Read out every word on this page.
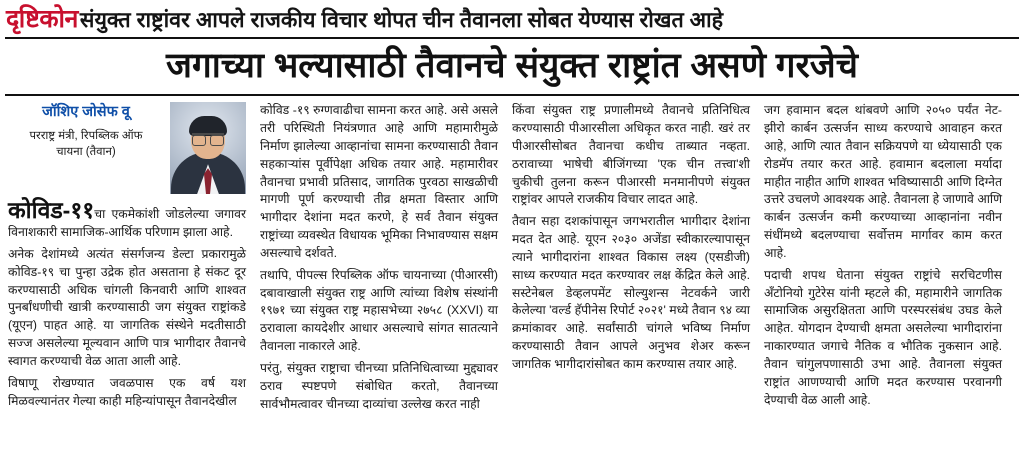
दृष्टिकोन संयुक्त राष्ट्रांवर आपले राजकीय विचार थोपत चीन तैवानला सोबत येण्यास रोखत आहे
जगाच्या भल्यासाठी तैवानचे संयुक्त राष्ट्रांत असणे गरजेचे
जॉशिए जोसेफ वू
परराष्ट्र मंत्री, रिपब्लिक ऑफ
चायना (तैवान)
कोविड-११चा एकमेकांशी जोडलेल्या जगावर विनाशकारी सामाजिक-आर्थिक परिणाम झाला आहे.

अनेक देशांमध्ये अत्यंत संसर्गजन्य डेल्टा प्रकारामुळे कोविड-१९ चा पुन्हा उद्रेक होत असताना हे संकट दूर करण्यासाठी अधिक चांगली किनवारी आणि शाश्वत पुनर्बांधणीची खात्री करण्यासाठी जग संयुक्त राष्ट्रांकडे (यूएन) पाहत आहे. या जागतिक संस्थेने मदतीसाठी सज्ज असलेल्या मूल्यवान आणि पात्र भागीदार तैवानचे स्वागत करण्याची वेळ आता आली आहे.

विषाणू रोखण्यात जवळपास एक वर्ष यश मिळवल्यानंतर गेल्या काही महिन्यांपासून तैवानदेखील

कोविड -१९ रुग्णवाढीचा सामना करत आहे. असे असले तरी परिस्थिती नियंत्रणात आहे आणि महामारीमुळे निर्माण झालेल्या आव्हानांचा सामना करण्यासाठी तैवान सहकाऱ्यांस पूर्वीपेक्षा अधिक तयार आहे. महामारीवर तैवानचा प्रभावी प्रतिसाद, जागतिक पुरवठा साखळीची मागणी पूर्ण करण्याची तीव्र क्षमता विस्तार आणि भागीदार देशांना मदत करणे, हे सर्व तैवान संयुक्त राष्ट्रांच्या व्यवस्थेत विधायक भूमिका निभावण्यास सक्षम असल्याचे दर्शवते.

तथापि, पीपल्स रिपब्लिक ऑफ चायनाच्या (पीआरसी) दबावाखाली संयुक्त राष्ट्र आणि त्यांच्या विशेष संस्थांनी १९७१ च्या संयुक्त राष्ट्र महासभेच्या २७५८ (XXVI) या ठरावाला कायदेशीर आधार असल्याचे सांगत सातत्याने तैवानला नाकारले आहे.

परंतु, संयुक्त राष्ट्राचा चीनच्या प्रतिनिधित्वाच्या मुद्द्यावर ठराव स्पष्टपणे संबोधित करतो, तैवानच्या सार्वभौमत्वावर चीनच्या दाव्यांचा उल्लेख करत नाही

किंवा संयुक्त राष्ट्र प्रणालीमध्ये तैवानचे प्रतिनिधित्व करण्यासाठी पीआरसीला अधिकृत करत नाही. खरं तर पीआरसीसोबत तैवानचा कधीच ताब्यात नव्हता. ठरावाच्या भाषेची बीजिंगच्या 'एक चीन तत्त्वा'शी चुकीची तुलना करून पीआरसी मनमानीपणे संयुक्त राष्ट्रांवर आपले राजकीय विचार लादत आहे.

तैवान सहा दशकांपासून जगभरातील भागीदार देशांना मदत देत आहे. यूएन २०३० अजेंडा स्वीकारल्यापासून त्याने भागीदारांना शाश्वत विकास लक्ष्य (एसडीजी) साध्य करण्यात मदत करण्यावर लक्ष केंद्रित केले आहे. सस्टेनेबल डेव्हलपमेंट सोल्युशन्स नेटवर्कने जारी केलेल्या 'वर्ल्ड हॅपीनेस रिपोर्ट २०२१' मध्ये तैवान ९४ व्या क्रमांकावर आहे. सर्वांसाठी चांगले भविष्य निर्माण करण्यासाठी तैवान आपले अनुभव शेअर करून जागतिक भागीदारांसोबत काम करण्यास तयार आहे.

जग हवामान बदल थांबवणे आणि २०५० पर्यंत नेट-झीरो कार्बन उत्सर्जन साध्य करण्याचे आवाहन करत आहे, आणि त्यात तैवान सक्रियपणे या ध्येयासाठी एक रोडमॅप तयार करत आहे. हवामान बदलाला मर्यादा माहीत नाहीत आणि शाश्वत भविष्यासाठी आणि दिग्नेत उत्तरे उचलणे आवश्यक आहे. तैवानला हे जाणावे आणि कार्बन उत्सर्जन कमी करण्याच्या आव्हानांना नवीन संधींमध्ये बदलण्याचा सर्वोत्तम मार्गावर काम करत आहे.

पदाची शपथ घेताना संयुक्त राष्ट्रांचे सरचिटणीस अँटोनियो गुटेरेस यांनी म्हटले की, महामारीने जागतिक सामाजिक असुरक्षितता आणि परस्परसंबंध उघड केले आहेत. योगदान देण्याची क्षमता असलेल्या भागीदारांना नाकारण्यात जगाचे नैतिक व भौतिक नुकसान आहे. तैवान चांगुलपणासाठी उभा आहे. तैवानला संयुक्त राष्ट्रांत आणण्याची आणि मदत करण्यास परवानगी देण्याची वेळ आली आहे.
